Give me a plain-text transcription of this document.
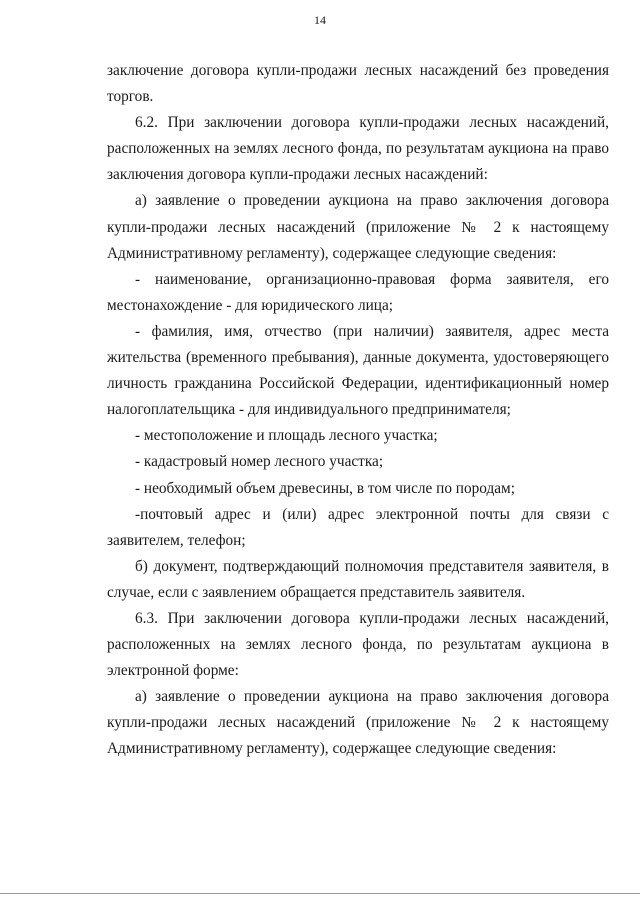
14

заключение договора купли-продажи лесных насаждений без проведения торгов.

6.2. При заключении договора купли-продажи лесных насаждений, расположенных на землях лесного фонда, по результатам аукциона на право заключения договора купли-продажи лесных насаждений:

а) заявление о проведении аукциона на право заключения договора купли-продажи лесных насаждений (приложение № 2 к настоящему Административному регламенту), содержащее следующие сведения:

- наименование, организационно-правовая форма заявителя, его местонахождение - для юридического лица;

- фамилия, имя, отчество (при наличии) заявителя, адрес места жительства (временного пребывания), данные документа, удостоверяющего личность гражданина Российской Федерации, идентификационный номер налогоплательщика - для индивидуального предпринимателя;

- местоположение и площадь лесного участка;

- кадастровый номер лесного участка;

- необходимый объем древесины, в том числе по породам;

-почтовый адрес и (или) адрес электронной почты для связи с заявителем, телефон;

б) документ, подтверждающий полномочия представителя заявителя, в случае, если с заявлением обращается представитель заявителя.

6.3. При заключении договора купли-продажи лесных насаждений, расположенных на землях лесного фонда, по результатам аукциона в электронной форме:

а) заявление о проведении аукциона на право заключения договора купли-продажи лесных насаждений (приложение № 2 к настоящему Административному регламенту), содержащее следующие сведения:
